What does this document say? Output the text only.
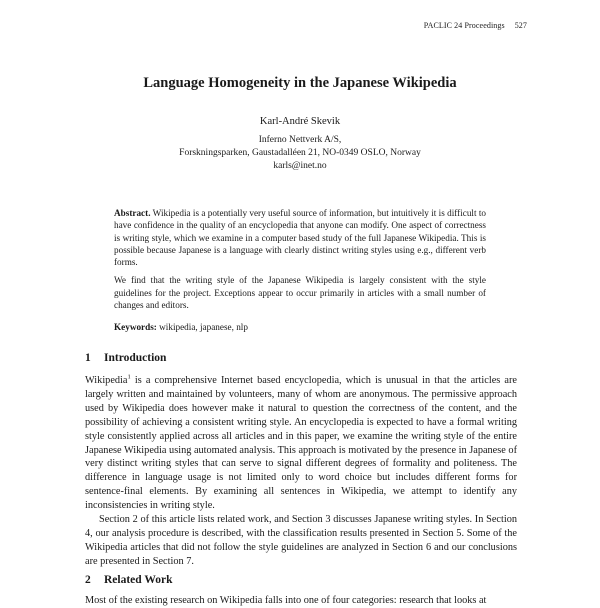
PACLIC 24 Proceedings 527
Language Homogeneity in the Japanese Wikipedia
Karl-André Skevik
Inferno Nettverk A/S,
Forskningsparken, Gaustadalléen 21, NO-0349 OSLO, Norway
karls@inet.no

Abstract. Wikipedia is a potentially very useful source of information, but intuitively it is difficult to have confidence in the quality of an encyclopedia that anyone can modify. One aspect of correctness is writing style, which we examine in a computer based study of the full Japanese Wikipedia. This is possible because Japanese is a language with clearly distinct writing styles using e.g., different verb forms.

We find that the writing style of the Japanese Wikipedia is largely consistent with the style guidelines for the project. Exceptions appear to occur primarily in articles with a small number of changes and editors.

Keywords: wikipedia, japanese, nlp
1 Introduction

Wikipedia$^1$ is a comprehensive Internet based encyclopedia, which is unusual in that the articles are largely written and maintained by volunteers, many of whom are anonymous. The permissive approach used by Wikipedia does however make it natural to question the correctness of the content, and the possibility of achieving a consistent writing style. An encyclopedia is expected to have a formal writing style consistently applied across all articles and in this paper, we examine the writing style of the entire Japanese Wikipedia using automated analysis. This approach is motivated by the presence in Japanese of very distinct writing styles that can serve to signal different degrees of formality and politeness. The difference in language usage is not limited only to word choice but includes different forms for sentence-final elements. By examining all sentences in Wikipedia, we attempt to identify any inconsistencies in writing style.

Section 2 of this article lists related work, and Section 3 discusses Japanese writing styles. In Section 4, our analysis procedure is described, with the classification results presented in Section 5. Some of the Wikipedia articles that did not follow the style guidelines are analyzed in Section 6 and our conclusions are presented in Section 7.

2 Related Work

Most of the existing research on Wikipedia falls into one of four categories: research that looks at
